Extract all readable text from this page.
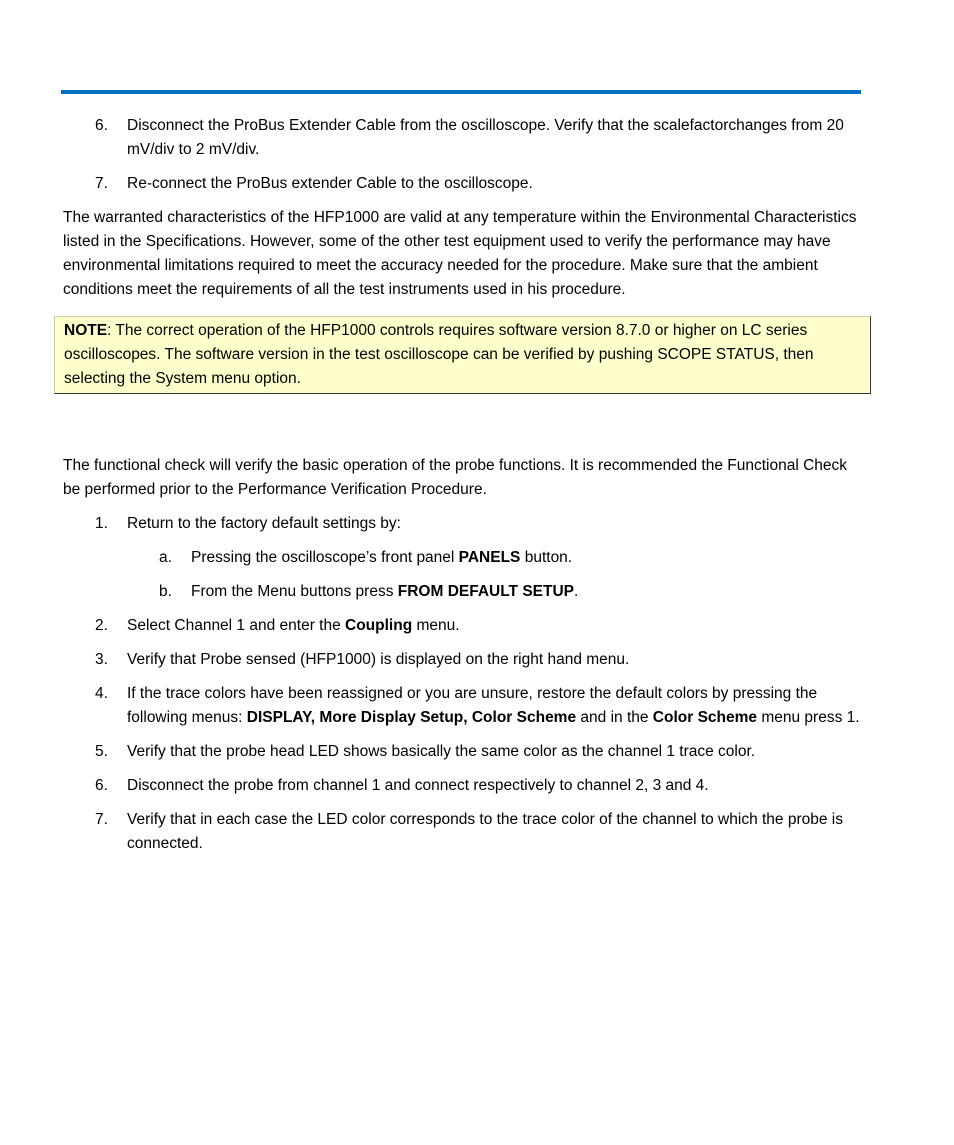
6. Disconnect the ProBus Extender Cable from the oscilloscope. Verify that the scalefactorchanges from 20 mV/div to 2 mV/div.
7. Re-connect the ProBus extender Cable to the oscilloscope.

The warranted characteristics of the HFP1000 are valid at any temperature within the Environmental Characteristics listed in the Specifications. However, some of the other test equipment used to verify the performance may have environmental limitations required to meet the accuracy needed for the procedure. Make sure that the ambient conditions meet the requirements of all the test instruments used in his procedure.

NOTE: The correct operation of the HFP1000 controls requires software version 8.7.0 or higher on LC series oscilloscopes. The software version in the test oscilloscope can be verified by pushing SCOPE STATUS, then selecting the System menu option.

The functional check will verify the basic operation of the probe functions. It is recommended the Functional Check be performed prior to the Performance Verification Procedure.

1. Return to the factory default settings by:
a. Pressing the oscilloscope’s front panel PANELS button.
b. From the Menu buttons press FROM DEFAULT SETUP.
2. Select Channel 1 and enter the Coupling menu.
3. Verify that Probe sensed (HFP1000) is displayed on the right hand menu.
4. If the trace colors have been reassigned or you are unsure, restore the default colors by pressing the following menus: DISPLAY, More Display Setup, Color Scheme and in the Color Scheme menu press 1.
5. Verify that the probe head LED shows basically the same color as the channel 1 trace color.
6. Disconnect the probe from channel 1 and connect respectively to channel 2, 3 and 4.
7. Verify that in each case the LED color corresponds to the trace color of the channel to which the probe is connected.
